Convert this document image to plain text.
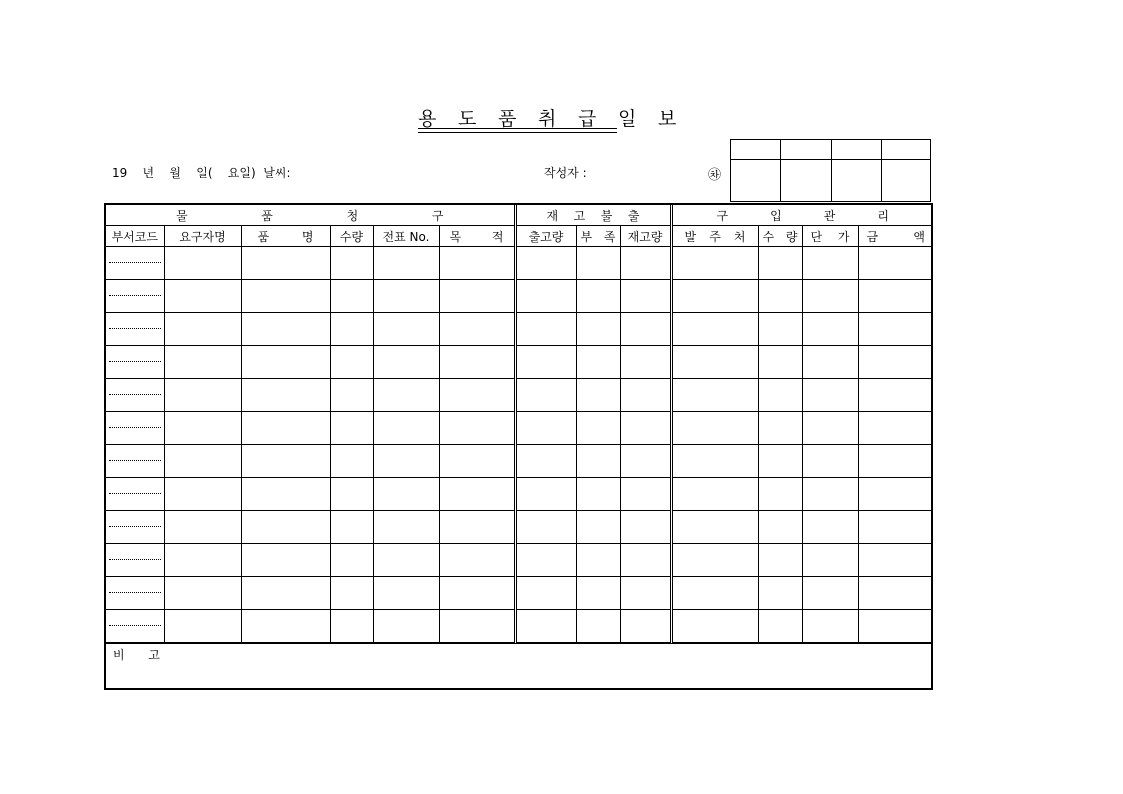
용	도	품	취	급	일	보
19    년    월    일(    요일)  날씨:	작성자 :	㉷
물 품 청 구						재 고 불 출			구 입 관 리			

부서코드	요구자명	품 명	수량	전표 No.	목 적	출고량	부 족	재고량	발 주 처	수 량	단 가	금 액

비 고
